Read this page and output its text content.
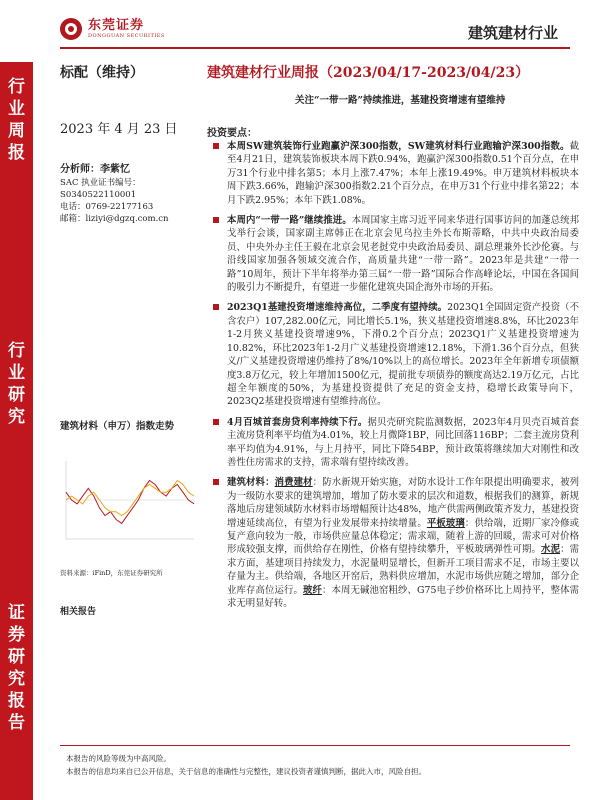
东莞证券
DONGGUAN SECURITIES	建筑建材行业
行
业
周
报
行
业
研
究
证
券
研
究
报
告
标配（维持）	建筑建材行业周报（2023/04/17-2023/04/23）
关注“一带一路”持续推进，基建投资增速有望维持
2023 年 4 月 23 日	投资要点：
分析师：李紫忆
SAC 执业证书编号：
S0340522110001
电话：0769-22177163
邮箱：liziyi@dgzq.com.cn
建筑材料（申万）指数走势
资料来源：iFinD，东莞证券研究所
相关报告
本周SW建筑装饰行业跑赢沪深300指数，SW建筑材料行业跑输沪深300指数。截至4月21日，建筑装饰板块本周下跌0.94%，跑赢沪深300指数0.51个百分点，在申万31个行业中排名第5；本月上涨7.47%；本年上涨19.49%。申万建筑材料板块本周下跌3.66%，跑输沪深300指数2.21个百分点，在申万31个行业中排名第22；本月下跌2.95%；本年下跌1.08%。
本周内“一带一路”继续推进。本周国家主席习近平同来华进行国事访问的加蓬总统邦戈举行会谈，国家副主席韩正在北京会见乌拉圭外长布斯蒂略，中共中央政治局委员、中央外办主任王毅在北京会见老挝党中央政治局委员、副总理兼外长沙伦赛。与沿线国家加强各领域交流合作，高质量共建“一带一路”。2023年是共建“一带一路”10周年，预计下半年将举办第三届“一带一路”国际合作高峰论坛，中国在各国间的吸引力不断提升，有望进一步催化建筑央国企海外市场的开拓。
2023Q1基建投资增速维持高位，二季度有望持续。2023Q1全国固定资产投资（不含农户）107,282.00亿元，同比增长5.1%，狭义基建投资增速8.8%，环比2023年1-2月狭义基建投资增速9%，下滑0.2个百分点；2023Q1广义基建投资增速为10.82%，环比2023年1-2月广义基建投资增速12.18%，下滑1.36个百分点，但狭义/广义基建投资增速仍维持了8%/10%以上的高位增长。2023年全年新增专项债额度3.8万亿元，较上年增加1500亿元，提前批专项债券的额度高达2.19万亿元，占比超全年额度的50%，为基建投资提供了充足的资金支持，稳增长政策导向下，2023Q2基建投资增速有望维持高位。
4月百城首套房贷利率持续下行。据贝壳研究院监测数据，2023年4月贝壳百城首套主流房贷利率平均值为4.01%，较上月微降1BP，同比回落116BP；二套主流房贷利率平均值为4.91%，与上月持平，同比下降54BP，预计政策将继续加大对刚性和改善性住房需求的支持，需求端有望持续改善。
建筑材料：消费建材：防水新规开始实施，对防水设计工作年限提出明确要求，被列为一级防水要求的建筑增加，增加了防水要求的层次和道数，根据我们的测算，新规落地后房建领域防水材料市场增幅预计达48%，地产供需两侧政策齐发力，基建投资增速延续高位，有望为行业发展带来持续增量。平板玻璃：供给端，近期厂家冷修或复产意向较为一般，市场供应量总体稳定；需求端，随着上游的回暖，需求可对价格形成较强支撑，而供给存在刚性，价格有望持续攀升，平板玻璃弹性可期。水泥：需求方面，基建项目持续发力，水泥量明显增长，但新开工项目需求不足，市场主要以存量为主。供给端，各地区开窑后，熟料供应增加，水泥市场供应随之增加，部分企业库存高位运行。玻纤：本周无碱池窑粗纱、G75电子纱价格环比上周持平，整体需求无明显好转。
本报告的风险等级为中高风险。
本报告的信息均来自已公开信息，关于信息的准确性与完整性，建议投资者谨慎判断，据此入市，风险自担。
